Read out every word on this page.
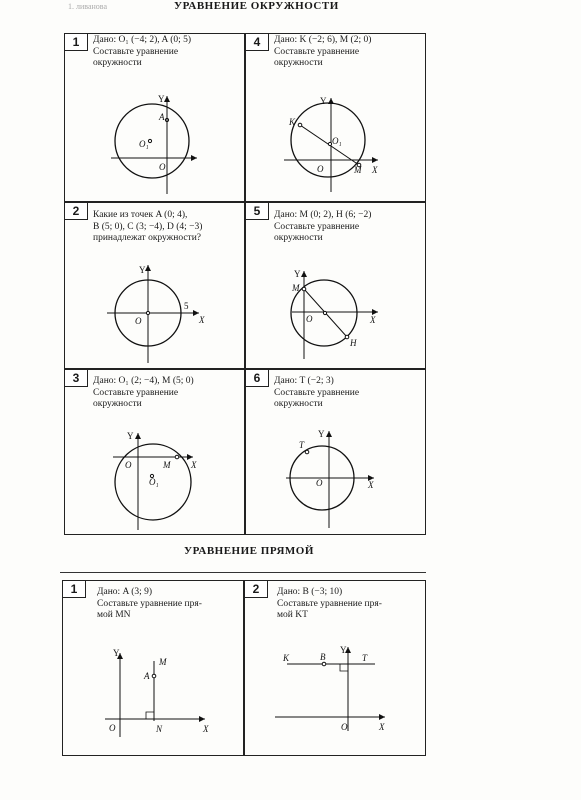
1. ливанова	УРАВНЕНИЕ ОКРУЖНОСТИ
1	Дано: O₁ (−4; 2), A (0; 5)
Составьте уравнение
окружности
Y
A
O₁
O
4	Дано: K (−2; 6), M (2; 0)
Составьте уравнение
окружности
Y
K
O₁
O	M X
2	Какие из точек A (0; 4),
B (5; 0), C (3; −4), D (4; −3)
принадлежат окружности?
Y
5
O	X
5	Дано: M (0; 2), H (6; −2)
Составьте уравнение
окружности
Y
M
O	X
H
3	Дано: O₁ (2; −4), M (5; 0)
Составьте уравнение
окружности
Y
O	M X
O₁
6	Дано: T (−2; 3)
Составьте уравнение
окружности
T
Y
O	X
УРАВНЕНИЕ ПРЯМОЙ
1	Дано: A (3; 9)
Составьте уравнение пря-
мой MN
Y
M
A
O	N	X
2	Дано: B (−3; 10)
Составьте уравнение пря-
мой KT
K	B
Y
T
O	X
